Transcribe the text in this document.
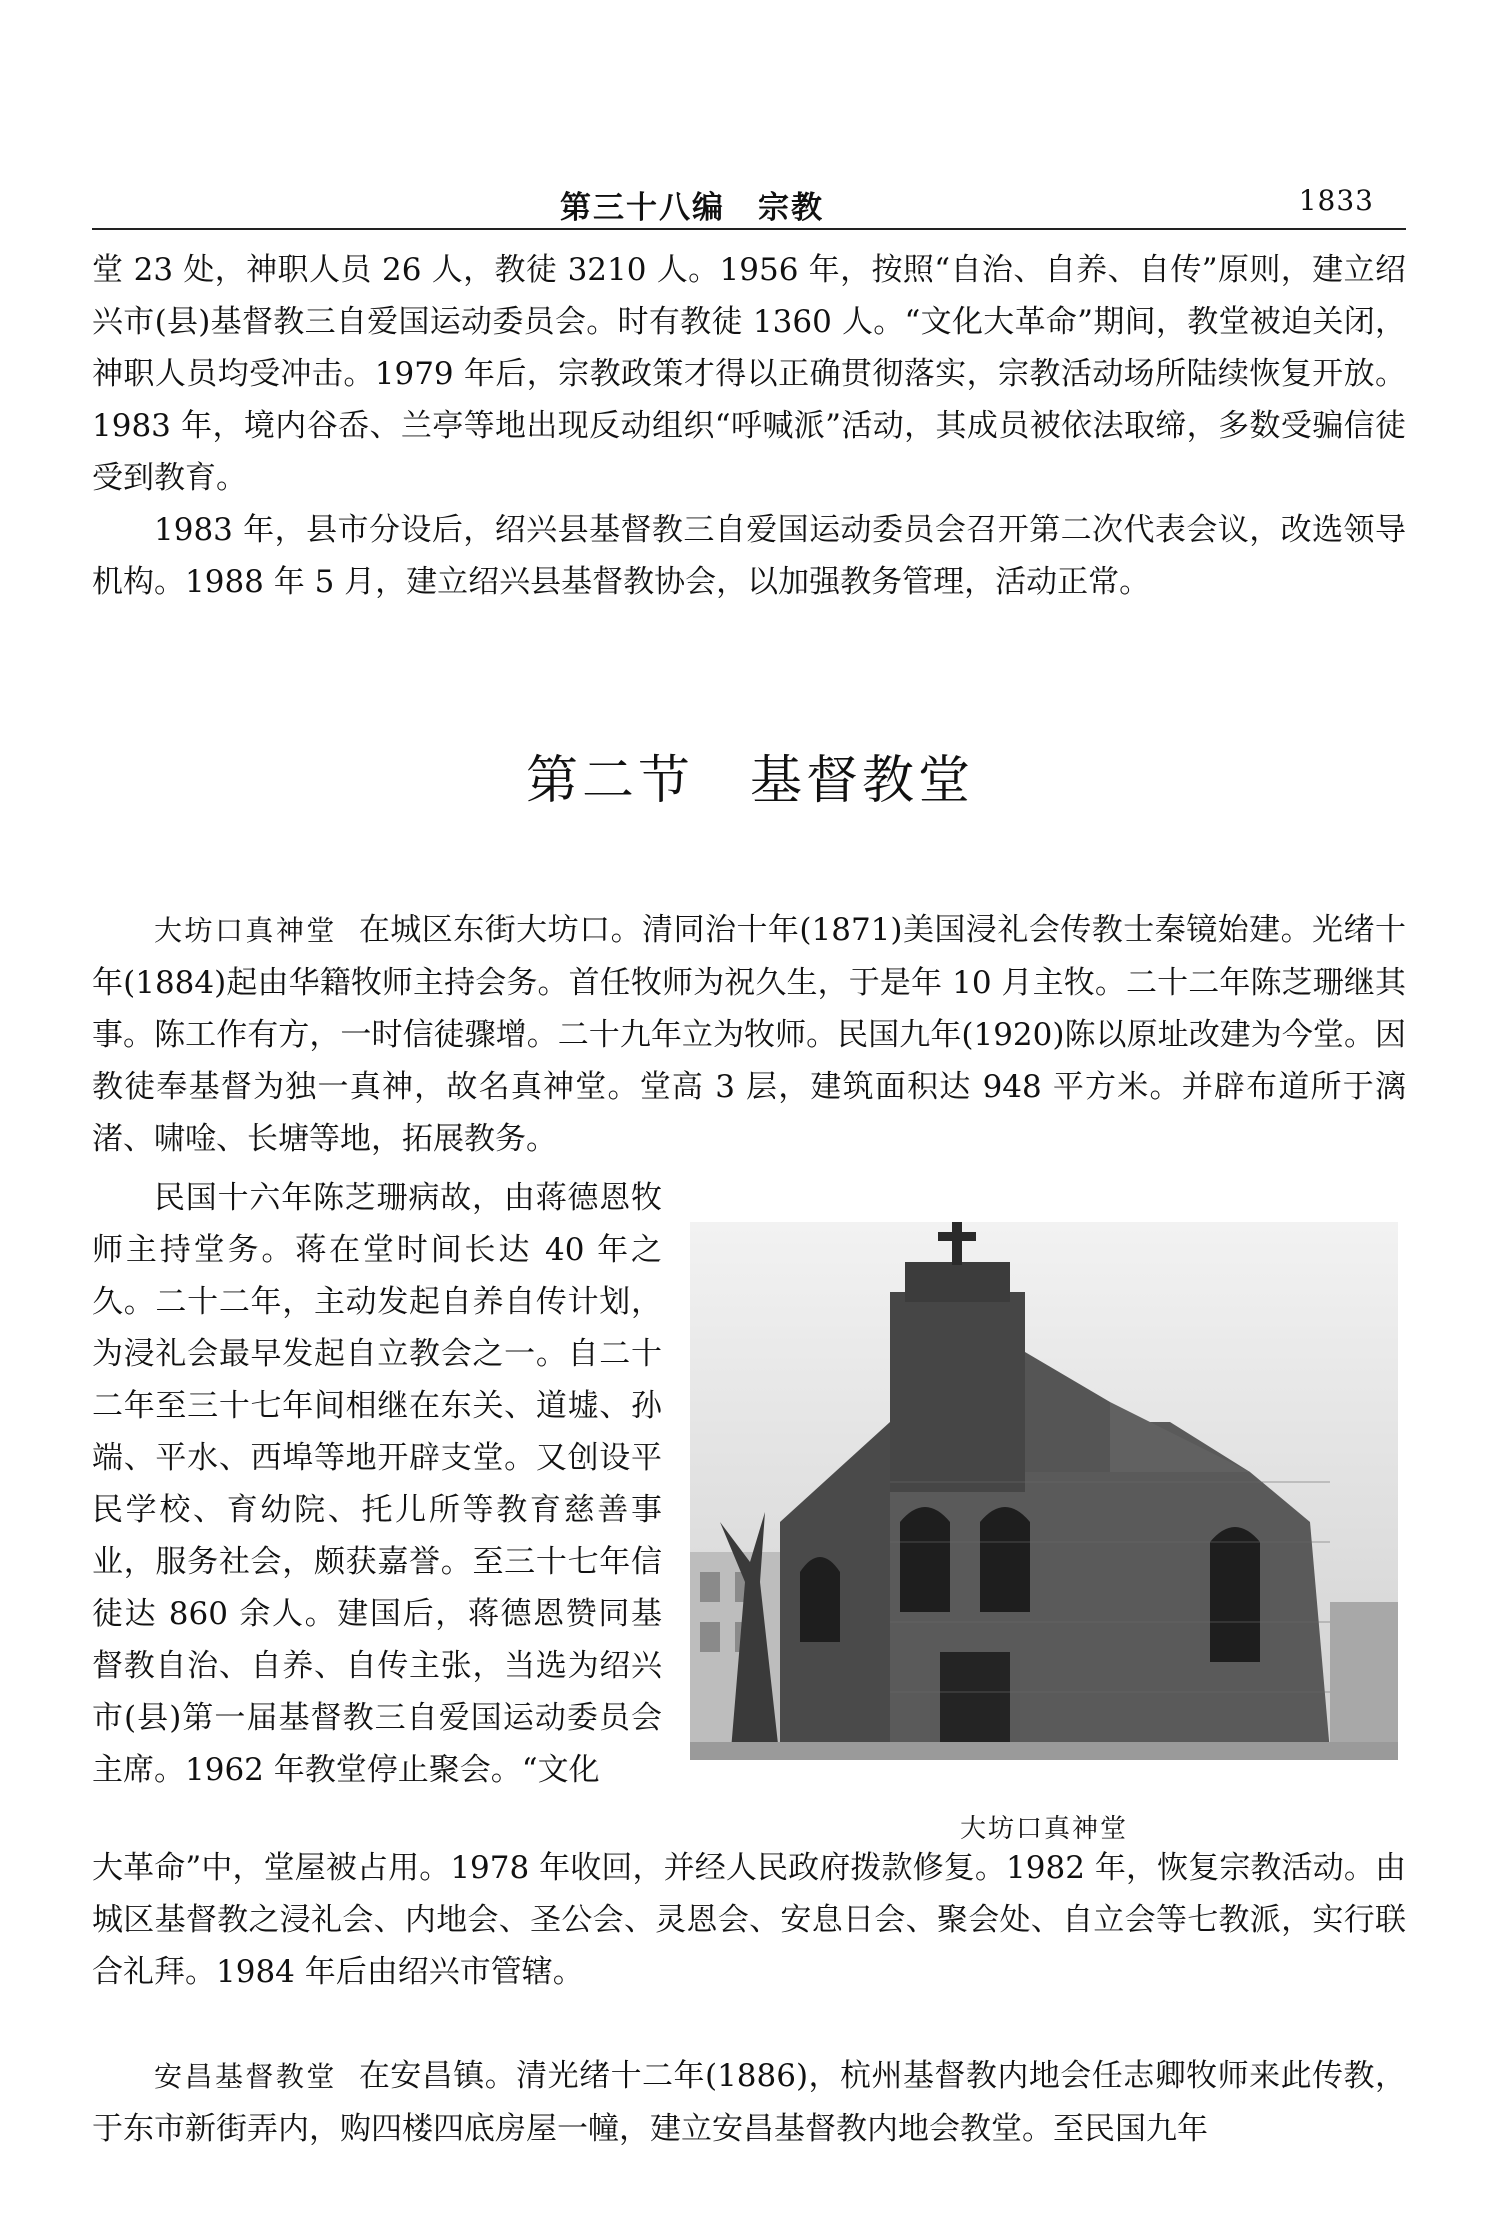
第三十八编　宗教	1833

堂 23 处，神职人员 26 人，教徒 3210 人。1956 年，按照“自治、自养、自传”原则，建立绍兴市(县)基督教三自爱国运动委员会。时有教徒 1360 人。“文化大革命”期间，教堂被迫关闭，神职人员均受冲击。1979 年后，宗教政策才得以正确贯彻落实，宗教活动场所陆续恢复开放。1983 年，境内谷岙、兰亭等地出现反动组织“呼喊派”活动，其成员被依法取缔，多数受骗信徒受到教育。

1983 年，县市分设后，绍兴县基督教三自爱国运动委员会召开第二次代表会议，改选领导机构。1988 年 5 月，建立绍兴县基督教协会，以加强教务管理，活动正常。

第二节　基督教堂

大坊口真神堂 在城区东街大坊口。清同治十年(1871)美国浸礼会传教士秦镜始建。光绪十年(1884)起由华籍牧师主持会务。首任牧师为祝久生，于是年 10 月主牧。二十二年陈芝珊继其事。陈工作有方，一时信徒骤增。二十九年立为牧师。民国九年(1920)陈以原址改建为今堂。因教徒奉基督为独一真神，故名真神堂。堂高 3 层，建筑面积达 948 平方米。并辟布道所于漓渚、啸唫、长塘等地，拓展教务。

民国十六年陈芝珊病故，由蒋德恩牧师主持堂务。蒋在堂时间长达 40 年之久。二十二年，主动发起自养自传计划，为浸礼会最早发起自立教会之一。自二十二年至三十七年间相继在东关、道墟、孙端、平水、西埠等地开辟支堂。又创设平民学校、育幼院、托儿所等教育慈善事业，服务社会，颇获嘉誉。至三十七年信徒达 860 余人。建国后，蒋德恩赞同基督教自治、自养、自传主张，当选为绍兴市(县)第一届基督教三自爱国运动委员会主席。1962 年教堂停止聚会。“文化

大坊口真神堂

大革命”中，堂屋被占用。1978 年收回，并经人民政府拨款修复。1982 年，恢复宗教活动。由城区基督教之浸礼会、内地会、圣公会、灵恩会、安息日会、聚会处、自立会等七教派，实行联合礼拜。1984 年后由绍兴市管辖。

安昌基督教堂 在安昌镇。清光绪十二年(1886)，杭州基督教内地会任志卿牧师来此传教，于东市新街弄内，购四楼四底房屋一幢，建立安昌基督教内地会教堂。至民国九年
